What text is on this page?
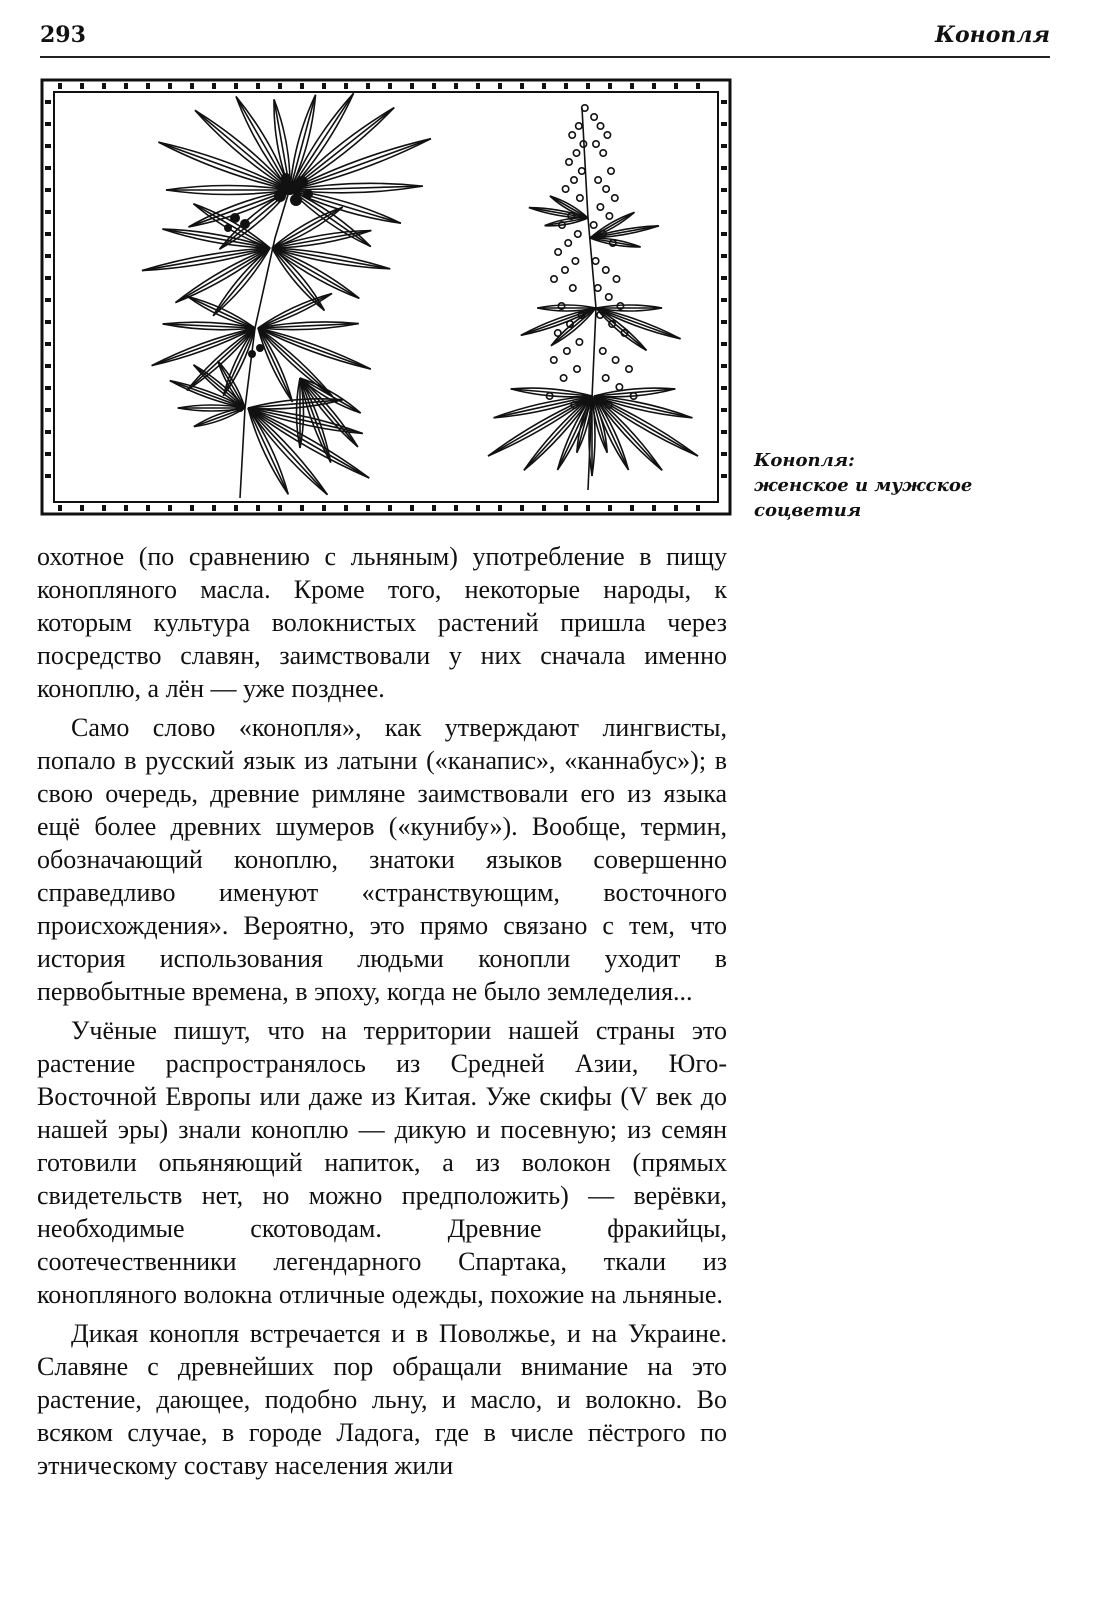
293	Конопля
Конопля:
женское и мужское
соцветия

охотное (по сравнению с льняным) употребление в пищу конопляного масла. Кроме того, некоторые народы, к которым культура волокнистых растений пришла через посредство славян, заимствовали у них сначала именно коноплю, а лён — уже позднее.

Само слово «конопля», как утверждают лингвисты, попало в русский язык из латыни («канапис», «каннабус»); в свою очередь, древние римляне заимствовали его из языка ещё более древних шумеров («кунибу»). Вообще, термин, обозначающий коноплю, знатоки языков совершенно справедливо именуют «странствующим, восточного происхождения». Вероятно, это прямо связано с тем, что история использования людьми конопли уходит в первобытные времена, в эпоху, когда не было земледелия...

Учёные пишут, что на территории нашей страны это растение распространялось из Средней Азии, Юго-Восточной Европы или даже из Китая. Уже скифы (V век до нашей эры) знали коноплю — дикую и посевную; из семян готовили опьяняющий напиток, а из волокон (прямых свидетельств нет, но можно предположить) — верёвки, необходимые скотоводам. Древние фракийцы, соотечественники легендарного Спартака, ткали из конопляного волокна отличные одежды, похожие на льняные.

Дикая конопля встречается и в Поволжье, и на Украине. Славяне с древнейших пор обращали внимание на это растение, дающее, подобно льну, и масло, и волокно. Во всяком случае, в городе Ладога, где в числе пёстрого по этническому составу населения жили
